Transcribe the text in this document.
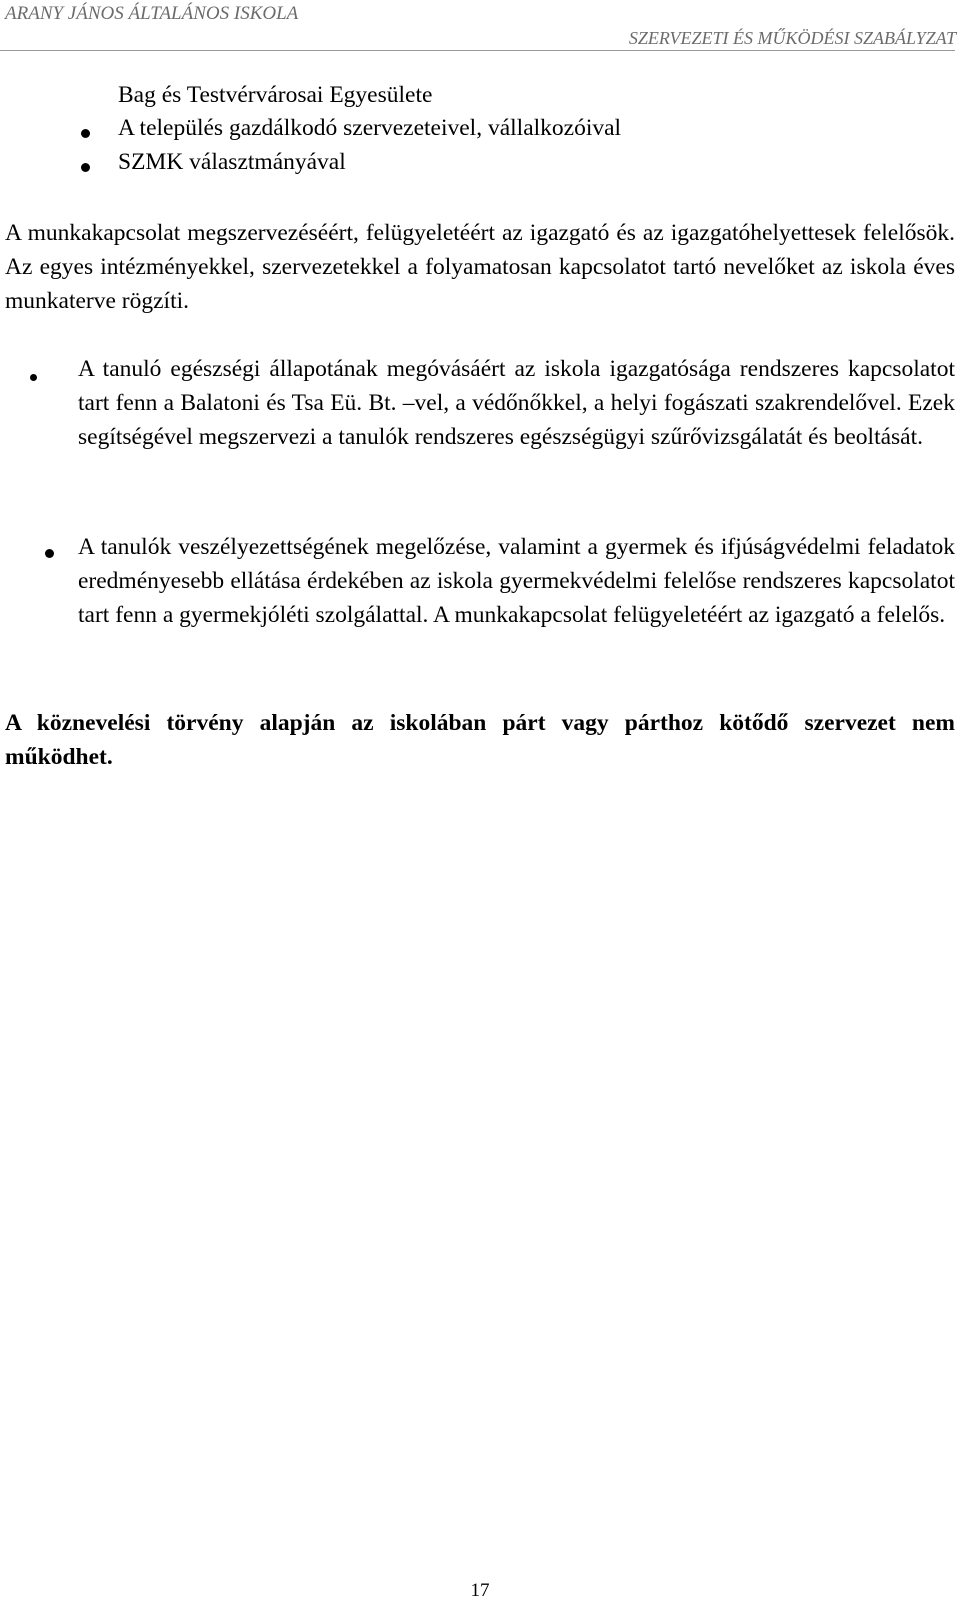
ARANY JÁNOS ÁLTALÁNOS ISKOLA
SZERVEZETI ÉS MŰKÖDÉSI SZABÁLYZAT
Bag és Testvérvárosai Egyesülete
A település gazdálkodó szervezeteivel, vállalkozóival
SZMK választmányával
A munkakapcsolat megszervezéséért, felügyeletéért az igazgató és az igazgatóhelyettesek felelősök. Az egyes intézményekkel, szervezetekkel a folyamatosan kapcsolatot tartó nevelőket az iskola éves munkaterve rögzíti.
A tanuló egészségi állapotának megóvásáért az iskola igazgatósága rendszeres kapcsolatot tart fenn a Balatoni és Tsa Eü. Bt. –vel, a védőnőkkel, a helyi fogászati szakrendelővel. Ezek segítségével megszervezi a tanulók rendszeres egészségügyi szűrővizsgálatát és beoltását.
A tanulók veszélyezettségének megelőzése, valamint a gyermek és ifjúságvédelmi feladatok eredményesebb ellátása érdekében az iskola gyermekvédelmi felelőse rendszeres kapcsolatot tart fenn a gyermekjóléti szolgálattal. A munkakapcsolat felügyeletéért az igazgató a felelős.
A köznevelési törvény alapján az iskolában párt vagy párthoz kötődő szervezet nem működhet.
17
